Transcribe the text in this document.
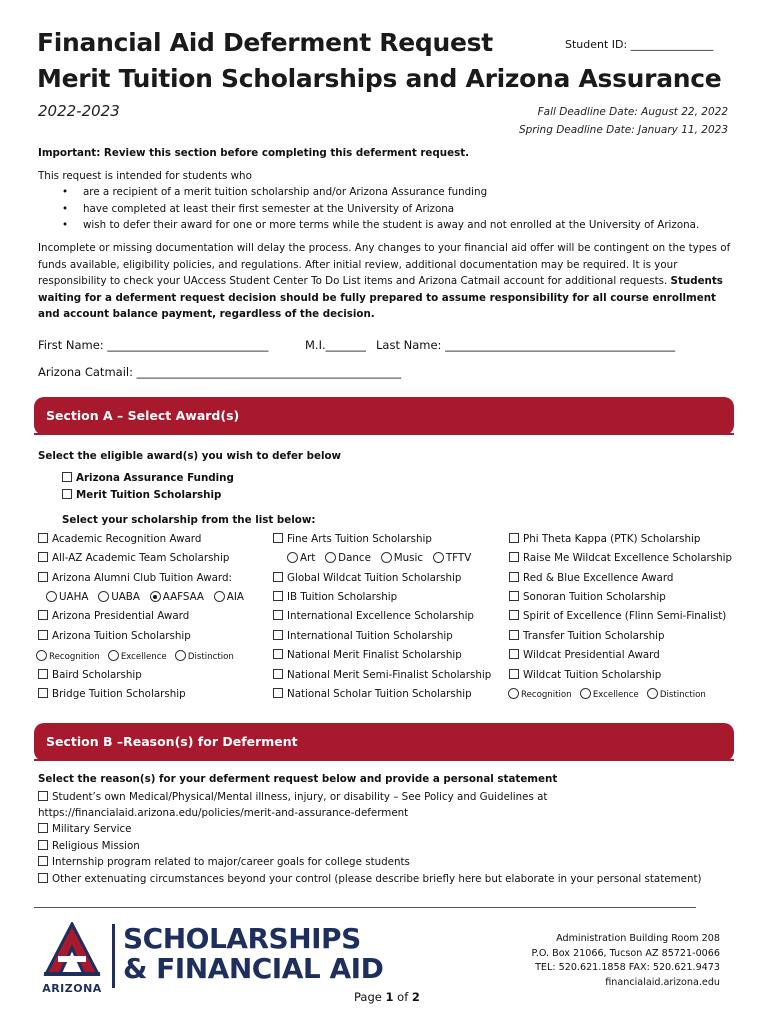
Financial Aid Deferment Request
Merit Tuition Scholarships and Arizona Assurance
Student ID: _______________
2022-2023	Fall Deadline Date: August 22, 2022
Spring Deadline Date: January 11, 2023
Important: Review this section before completing this deferment request.
This request is intended for students who
• are a recipient of a merit tuition scholarship and/or Arizona Assurance funding
• have completed at least their first semester at the University of Arizona
• wish to defer their award for one or more terms while the student is away and not enrolled at the University of Arizona.
Incomplete or missing documentation will delay the process. Any changes to your financial aid offer will be contingent on the types of funds available, eligibility policies, and regulations. After initial review, additional documentation may be required. It is your responsibility to check your UAccess Student Center To Do List items and Arizona Catmail account for additional requests. Students waiting for a deferment request decision should be fully prepared to assume responsibility for all course enrollment and account balance payment, regardless of the decision.
First Name: ____________________________	M.I._______ Last Name: ________________________________________
Arizona Catmail: ______________________________________________
Section A – Select Award(s)
Select the eligible award(s) you wish to defer below
Arizona Assurance Funding
Merit Tuition Scholarship
Select your scholarship from the list below:
Academic Recognition Award
All-AZ Academic Team Scholarship
Arizona Alumni Club Tuition Award:
UAHA UABA AAFSAA AIA
Arizona Presidential Award
Arizona Tuition Scholarship
Recognition Excellence Distinction
Baird Scholarship
Bridge Tuition Scholarship
Fine Arts Tuition Scholarship
Art Dance Music TFTV
Global Wildcat Tuition Scholarship
IB Tuition Scholarship
International Excellence Scholarship
International Tuition Scholarship
National Merit Finalist Scholarship
National Merit Semi-Finalist Scholarship
National Scholar Tuition Scholarship
Phi Theta Kappa (PTK) Scholarship
Raise Me Wildcat Excellence Scholarship
Red & Blue Excellence Award
Sonoran Tuition Scholarship
Spirit of Excellence (Flinn Semi-Finalist)
Transfer Tuition Scholarship
Wildcat Presidential Award
Wildcat Tuition Scholarship
Recognition Excellence Distinction
Section B –Reason(s) for Deferment
Select the reason(s) for your deferment request below and provide a personal statement
Student’s own Medical/Physical/Mental illness, injury, or disability – See Policy and Guidelines at
https://financialaid.arizona.edu/policies/merit-and-assurance-deferment
Military Service
Religious Mission
Internship program related to major/career goals for college students
Other extenuating circumstances beyond your control (please describe briefly here but elaborate in your personal statement)
ARIZONA
SCHOLARSHIPS
& FINANCIAL AID
Administration Building Room 208
P.O. Box 21066, Tucson AZ 85721-0066
TEL: 520.621.1858 FAX: 520.621.9473
financialaid.arizona.edu
Page 1 of 2
